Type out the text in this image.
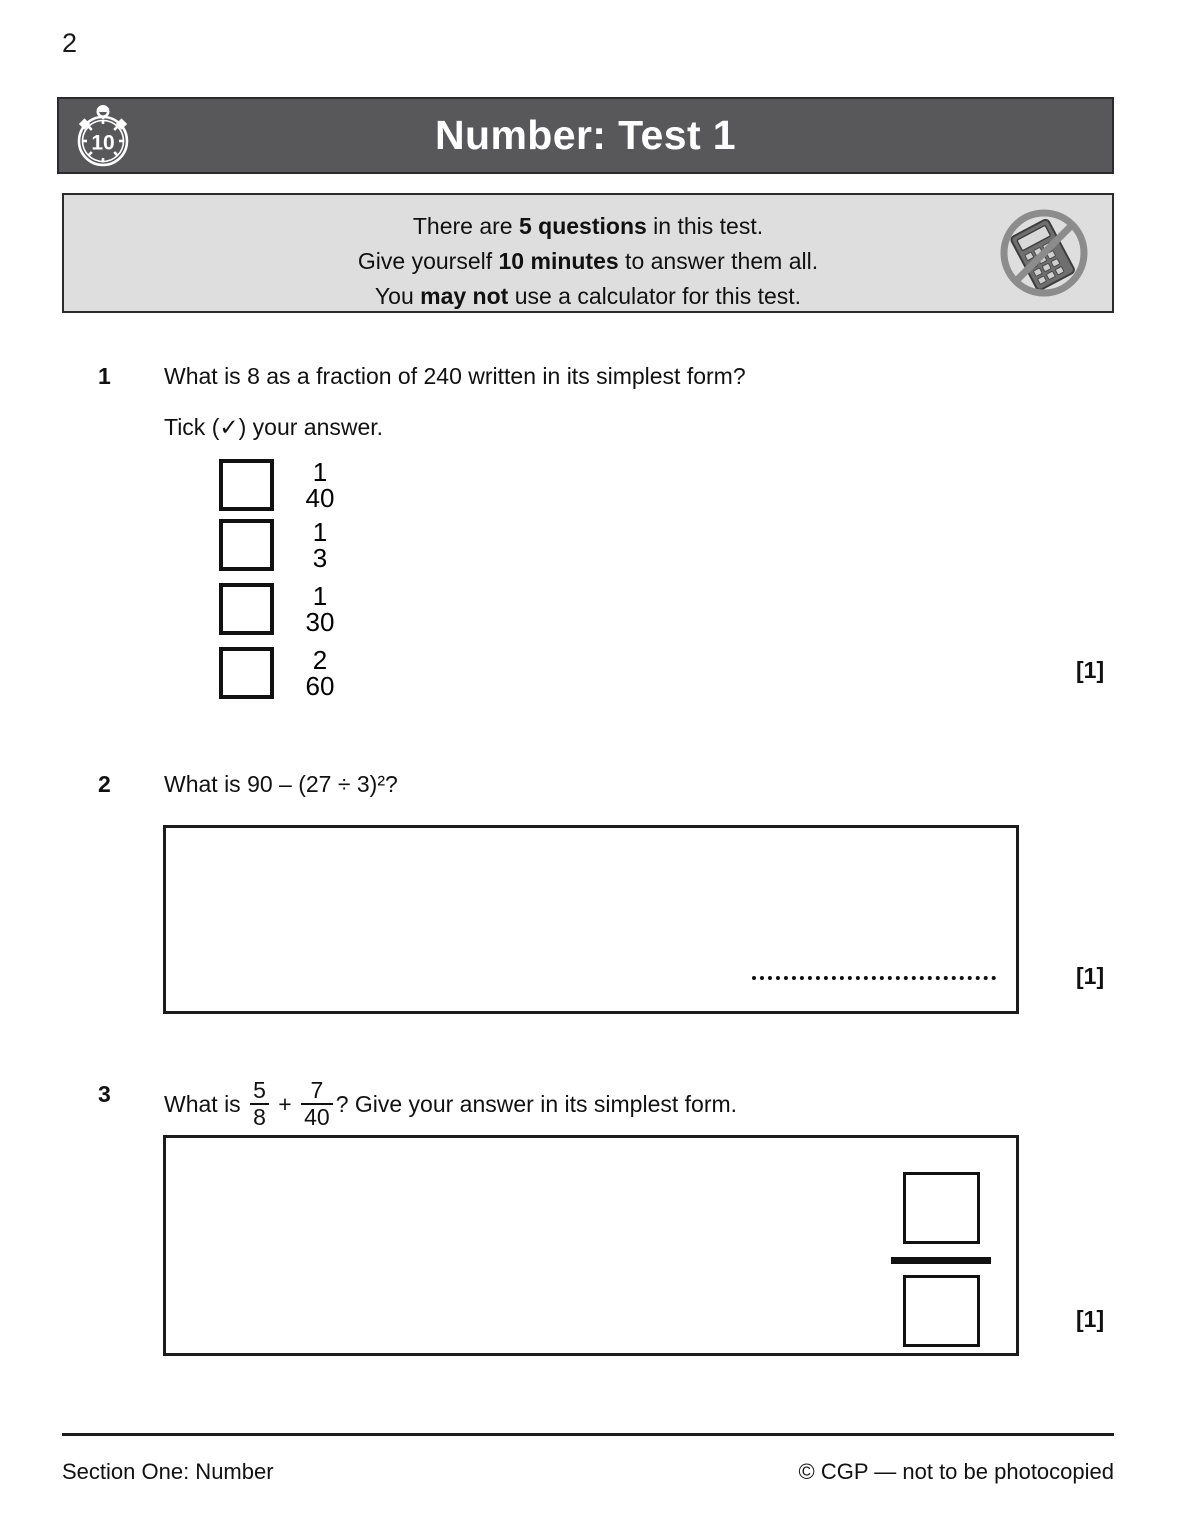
2
10	Number: Test 1
There are 5 questions in this test.
Give yourself 10 minutes to answer them all.
You may not use a calculator for this test.
1 What is 8 as a fraction of 240 written in its simplest form?
Tick (✓) your answer.
1
40
1
3
1
30
2
60
[1]
2 What is 90 – (27 ÷ 3)²?
[1]
3 What is $\frac{5}{8} + \frac{7}{40}$ ? Give your answer in its simplest form.
[1]
Section One: Number	© CGP — not to be photocopied
